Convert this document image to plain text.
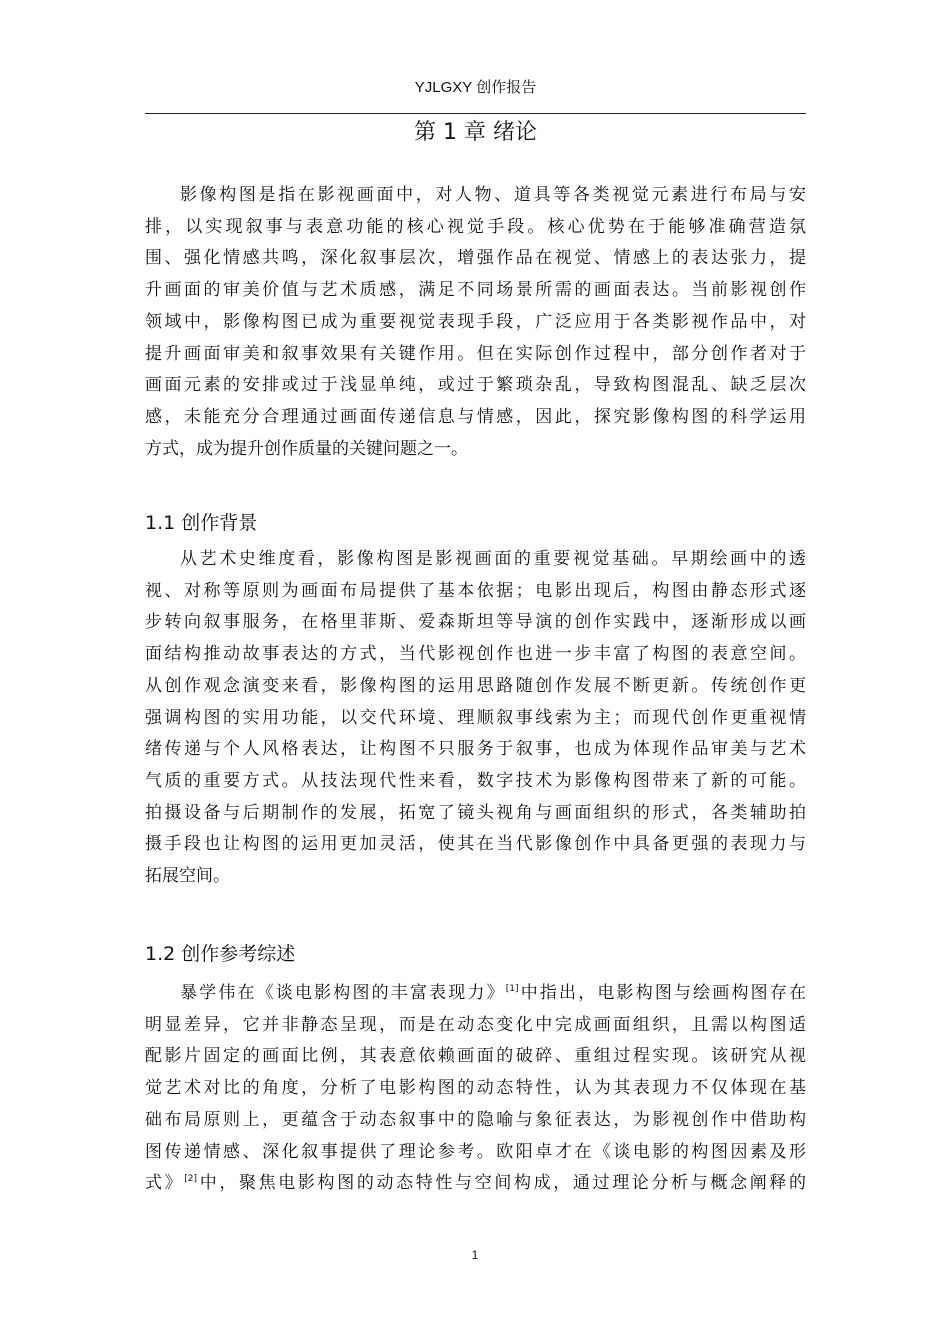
YJLGXY 创作报告
第 1 章 绪论
影像构图是指在影视画面中，对人物、道具等各类视觉元素进行布局与安
排，以实现叙事与表意功能的核心视觉手段。核心优势在于能够准确营造氛
围、强化情感共鸣，深化叙事层次，增强作品在视觉、情感上的表达张力，提
升画面的审美价值与艺术质感，满足不同场景所需的画面表达。当前影视创作
领域中，影像构图已成为重要视觉表现手段，广泛应用于各类影视作品中，对
提升画面审美和叙事效果有关键作用。但在实际创作过程中，部分创作者对于
画面元素的安排或过于浅显单纯，或过于繁琐杂乱，导致构图混乱、缺乏层次
感，未能充分合理通过画面传递信息与情感，因此，探究影像构图的科学运用
方式，成为提升创作质量的关键问题之一。
1.1 创作背景
从艺术史维度看，影像构图是影视画面的重要视觉基础。早期绘画中的透
视、对称等原则为画面布局提供了基本依据；电影出现后，构图由静态形式逐
步转向叙事服务，在格里菲斯、爱森斯坦等导演的创作实践中，逐渐形成以画
面结构推动故事表达的方式，当代影视创作也进一步丰富了构图的表意空间。
从创作观念演变来看，影像构图的运用思路随创作发展不断更新。传统创作更
强调构图的实用功能，以交代环境、理顺叙事线索为主；而现代创作更重视情
绪传递与个人风格表达，让构图不只服务于叙事，也成为体现作品审美与艺术
气质的重要方式。从技法现代性来看，数字技术为影像构图带来了新的可能。
拍摄设备与后期制作的发展，拓宽了镜头视角与画面组织的形式，各类辅助拍
摄手段也让构图的运用更加灵活，使其在当代影像创作中具备更强的表现力与
拓展空间。
1.2 创作参考综述
暴学伟在《谈电影构图的丰富表现力》[1]中指出，电影构图与绘画构图存在
明显差异，它并非静态呈现，而是在动态变化中完成画面组织，且需以构图适
配影片固定的画面比例，其表意依赖画面的破碎、重组过程实现。该研究从视
觉艺术对比的角度，分析了电影构图的动态特性，认为其表现力不仅体现在基
础布局原则上，更蕴含于动态叙事中的隐喻与象征表达，为影视创作中借助构
图传递情感、深化叙事提供了理论参考。欧阳卓才在《谈电影的构图因素及形
式》[2]中，聚焦电影构图的动态特性与空间构成，通过理论分析与概念阐释的
1
